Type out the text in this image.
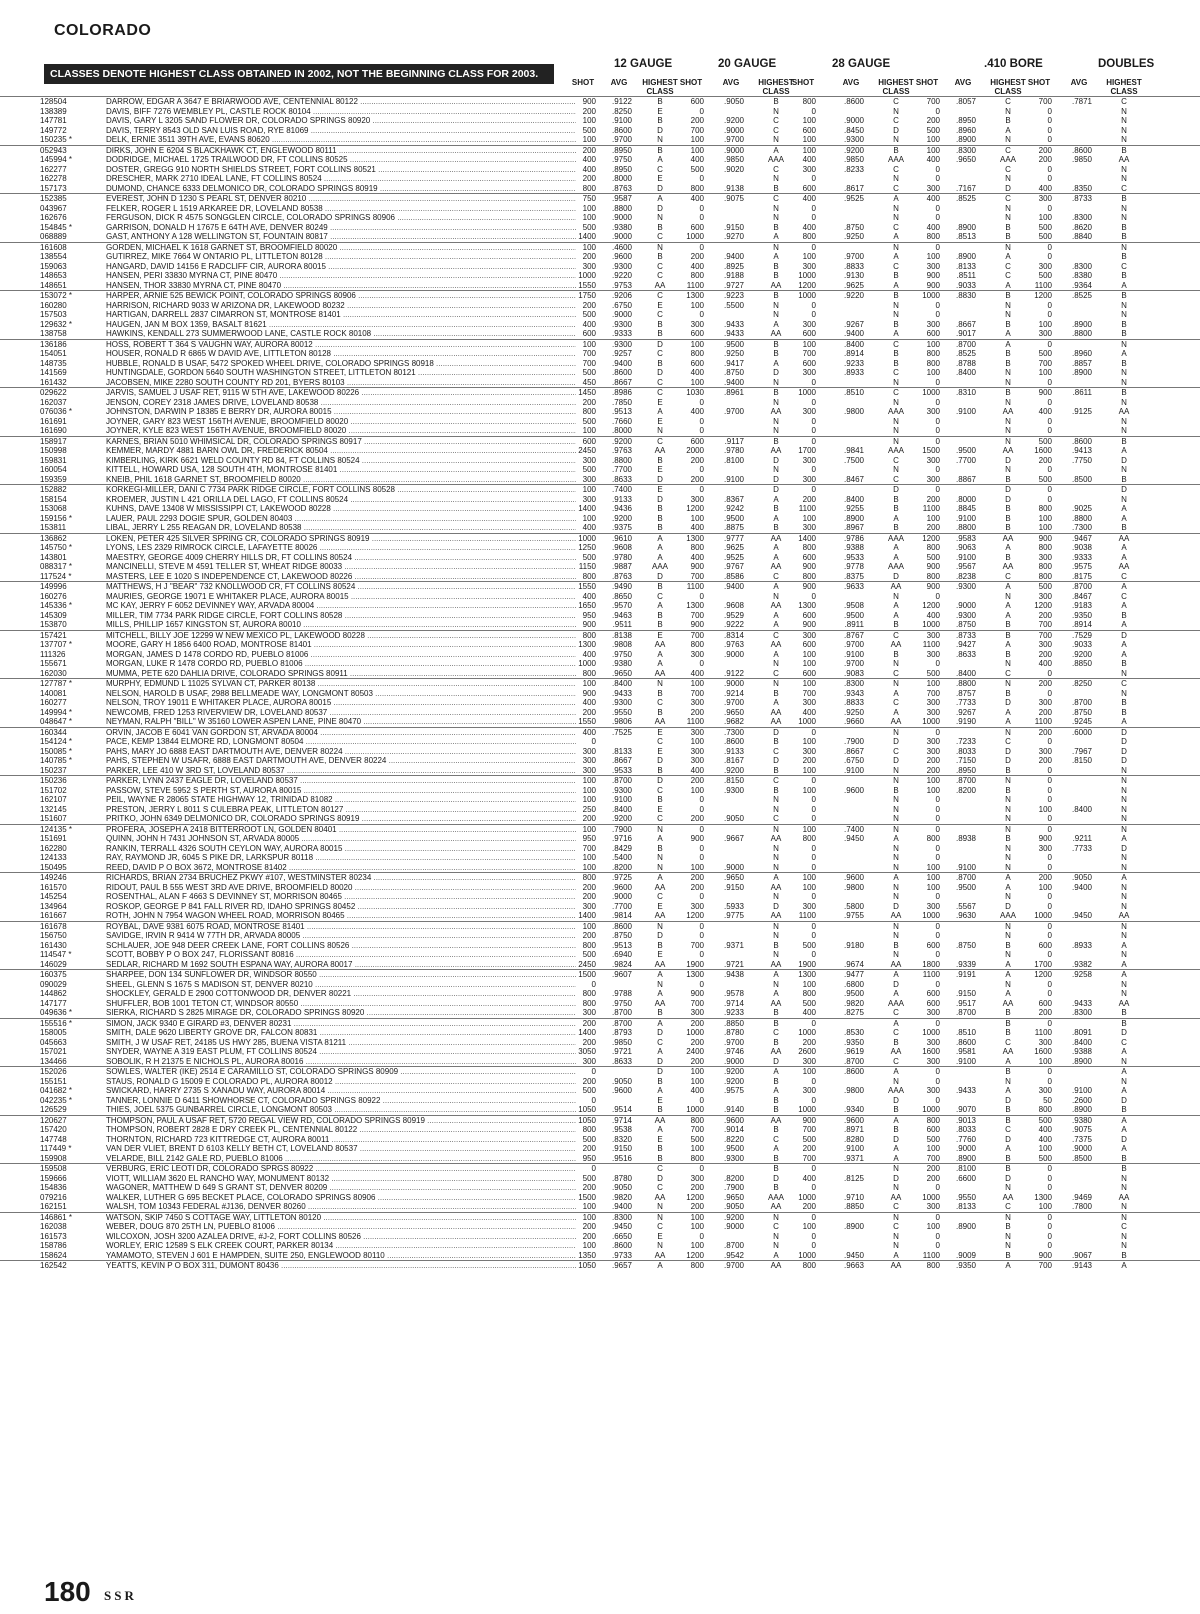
COLORADO
CLASSES DENOTE HIGHEST CLASS OBTAINED IN 2002, NOT THE BEGINNING CLASS FOR 2003.
12 GAUGE	20 GAUGE	28 GAUGE	.410 BORE	DOUBLES
SHOT	AVG	HIGHEST
CLASS
SHOT	AVG	HIGHEST
CLASS
SHOT	AVG	HIGHEST
CLASS
SHOT	AVG	HIGHEST
CLASS
SHOT	AVG	HIGHEST
CLASS
128504	DARROW, EDGAR A 3647 E BRIARWOOD AVE, CENTENNIAL 80122 .....	900	.9122	B	600	.9050	B	800	.8600	C	700	.8057	C	700	.7871	C
138389	DAVIS, BIFF 7276 WEMBLEY PL, CASTLE ROCK 80104 .....	200	.8250	E	0	N	0	N	0	N	0	N
147781	DAVIS, GARY L 3205 SAND FLOWER DR, COLORADO SPRINGS 80920 .....	100	.9100	B	200	.9200	C	100	.9000	C	200	.8950	B	0	N
149772	DAVIS, TERRY 8543 OLD SAN LUIS ROAD, RYE 81069 .....	500	.8600	D	700	.9000	C	600	.8450	D	500	.8960	A	0	N
150235 *	DELK, ERNIE 3511 39TH AVE, EVANS 80620 .....	100	.9700	N	100	.9700	N	100	.9300	N	100	.8900	N	0	N
052943	DIRKS, JOHN E 6204 S BLACKHAWK CT, ENGLEWOOD 80111 .....	200	.8950	B	100	.9000	A	100	.9200	B	100	.8300	C	200	.8600	B
145994 *	DODRIDGE, MICHAEL 1725 TRAILWOOD DR, FT COLLINS 80525 .....	400	.9750	A	400	.9850	AAA	400	.9850	AAA	400	.9650	AAA	200	.9850	AA
162277	DOSTER, GREGG 910 NORTH SHIELDS STREET, FORT COLLINS 80521 .....	400	.8950	C	500	.9020	C	300	.8233	C	0	C	0	N
162278	DRESCHER, MARK 2710 IDEAL LANE, FT COLLINS 80524 .....	200	.8000	E	0	N	0	N	0	N	0	N
157173	DUMOND, CHANCE 6333 DELMONICO DR, COLORADO SPRINGS 80919 .....	800	.8763	D	800	.9138	B	600	.8617	C	300	.7167	D	400	.8350	C
152385	EVEREST, JOHN D 1230 S PEARL ST, DENVER 80210 .....	750	.9587	A	400	.9075	C	400	.9525	A	400	.8525	C	300	.8733	B
043967	FELKER, ROGER L 1519 ARKAREE DR, LOVELAND 80538 .....	100	.8800	D	0	N	0	N	0	N	0	N
162676	FERGUSON, DICK R 4575 SONGGLEN CIRCLE, COLORADO SPRINGS 80906 .....	100	.9000	N	0	N	0	N	0	N	100	.8300	N
154845 *	GARRISON, DONALD H 17675 E 64TH AVE, DENVER 80249 .....	500	.9380	B	600	.9150	B	400	.8750	C	400	.8900	B	500	.8620	B
068889	GAST, ANTHONY A 128 WELLINGTON ST, FOUNTAIN 80817 .....	1400	.9000	C	1000	.9270	A	800	.9250	A	800	.8513	B	500	.8840	B
161608	GORDEN, MICHAEL K 1618 GARNET ST, BROOMFIELD 80020 .....	100	.4600	N	0	N	0	N	0	N	0	N
138554	GUTIRREZ, MIKE 7664 W ONTARIO PL, LITTLETON 80128 .....	200	.9600	B	200	.9400	A	100	.9700	A	100	.8900	A	0	B
159063	HANGARD, DAVID 14156 E RADCLIFF CIR, AURORA 80015 .....	300	.9300	C	400	.8925	B	300	.8833	C	300	.8133	C	300	.8300	C
148653	HANSEN, PERI 33830 MYRNA CT, PINE 80470 .....	1000	.9220	C	800	.9188	B	1000	.9130	B	900	.8511	C	500	.8380	B
148651	HANSEN, THOR 33830 MYRNA CT, PINE 80470 .....	1550	.9753	AA	1100	.9727	AA	1200	.9625	A	900	.9033	A	1100	.9364	A
153072 *	HARPER, ARNIE 525 BEWICK POINT, COLORADO SPRINGS 80906 .....	1750	.9206	C	1300	.9223	B	1000	.9220	B	1000	.8830	B	1200	.8525	B
160280	HARRISON, RICHARD 9033 W ARIZONA DR, LAKEWOOD 80232 .....	200	.6750	E	100	.5500	N	0	N	0	N	0	N
157503	HARTIGAN, DARRELL 2837 CIMARRON ST, MONTROSE 81401 .....	500	.9000	C	0	N	0	N	0	N	0	N
129632 *	HAUGEN, JAN M BOX 1359, BASALT 81621 .....	400	.9300	B	300	.9433	A	300	.9267	B	300	.8667	B	100	.8900	B
138758	HAWKINS, KENDALL 273 SUMMERWOOD LANE, CASTLE ROCK 80108 .....	600	.9333	B	600	.9433	AA	600	.9400	A	600	.9017	A	300	.8800	B
136186	HOSS, ROBERT T 364 S VAUGHN WAY, AURORA 80012 .....	100	.9300	D	100	.9500	B	100	.8400	C	100	.8700	A	0	N
154051	HOUSER, RONALD R 6865 W DAVID AVE, LITTLETON 80128 .....	700	.9257	C	800	.9250	B	700	.8914	B	800	.8525	B	500	.8960	A
148735	HUBBLE, RONALD B USAF, 5472 SPOKED WHEEL DRIVE, COLORADO SPRINGS 80918 .....	700	.9400	B	600	.9417	A	600	.9233	B	800	.8788	B	700	.8857	B
141569	HUNTINGDALE, GORDON 5640 SOUTH WASHINGTON STREET, LITTLETON 80121 .....	500	.8600	D	400	.8750	D	300	.8933	C	100	.8400	N	100	.8900	N
161432	JACOBSEN, MIKE 2280 SOUTH COUNTY RD 201, BYERS 80103 .....	450	.8667	C	100	.9400	N	0	N	0	N	0	N
029622	JARVIS, SAMUEL J USAF RET, 9115 W 5TH AVE, LAKEWOOD 80226 .....	1450	.8986	C	1030	.8961	B	1000	.8510	C	1000	.8310	B	900	.8611	B
162037	JENSON, COREY 2318 JAMES DRIVE, LOVELAND 80538 .....	200	.7850	E	0	N	0	N	0	N	0	N
076036 *	JOHNSTON, DARWIN P 18385 E BERRY DR, AURORA 80015 .....	800	.9513	A	400	.9700	AA	300	.9800	AAA	300	.9100	AA	400	.9125	AA
161691	JOYNER, GARY 823 WEST 156TH AVENUE, BROOMFIELD 80020 .....	500	.7660	E	0	N	0	N	0	N	0	N
161690	JOYNER, KYLE 823 WEST 156TH AVENUE, BROOMFIELD 80020 .....	100	.8000	N	0	N	0	N	0	N	0	N
158917	KARNES, BRIAN 5010 WHIMSICAL DR, COLORADO SPRINGS 80917 .....	600	.9200	C	600	.9117	B	0	N	0	N	500	.8600	B
150998	KEMMER, MARDY 4881 BARN OWL DR, FREDERICK 80504 .....	2450	.9763	AA	2000	.9780	AA	1700	.9841	AAA	1500	.9500	AA	1600	.9413	A
159831	KIMBERLING, KIRK 6621 WELD COUNTY RD 84, FT COLLINS 80524 .....	300	.8800	B	200	.8100	D	300	.7500	C	300	.7700	D	200	.7750	D
160054	KITTELL, HOWARD USA, 128 SOUTH 4TH, MONTROSE 81401 .....	500	.7700	E	0	N	0	N	0	N	0	N
159359	KNEIB, PHIL 1618 GARNET ST, BROOMFIELD 80020 .....	300	.8633	D	200	.9100	D	300	.8467	C	300	.8867	B	500	.8500	B
152882	KORKEGI-MILLER, DANI C 7734 PARK RIDGE CIRCLE, FORT COLLINS 80528 .....	100	.7400	E	0	D	0	D	0	D	0	D
158154	KROEMER, JUSTIN L 421 ORILLA DEL LAGO, FT COLLINS 80524 .....	300	.9133	D	300	.8367	A	200	.8400	B	200	.8000	D	0	N
153068	KUHNS, DAVE 13408 W MISSISSIPPI CT, LAKEWOOD 80228 .....	1400	.9436	B	1200	.9242	B	1100	.9255	B	1100	.8845	B	800	.9025	A
159156 *	LAUER, PAUL 2293 DOGIE SPUR, GOLDEN 80403 .....	100	.9200	B	100	.9500	A	100	.8900	A	100	.9100	B	100	.8800	A
153811	LIBAL, JERRY L 255 REAGAN DR, LOVELAND 80538 .....	400	.9375	B	400	.8875	B	300	.8967	B	200	.8800	B	100	.7300	B
136862	LOKEN, PETER 425 SILVER SPRING CR, COLORADO SPRINGS 80919 .....	1000	.9610	A	1300	.9777	AA	1400	.9786	AAA	1200	.9583	AA	900	.9467	AA
145750 *	LYONS, LES 2329 RIMROCK CIRCLE, LAFAYETTE 80026 .....	1250	.9608	A	800	.9625	A	800	.9388	A	800	.9063	A	800	.9038	A
143801	MAESTRY, GEORGE 4009 CHERRY HILLS DR, FT COLLINS 80524 .....	500	.9780	A	400	.9525	A	600	.9533	A	500	.9100	B	300	.9333	A
088317 *	MANCINELLI, STEVE M 4591 TELLER ST, WHEAT RIDGE 80033 .....	1150	.9887 AAA	900	.9767	AA	900	.9778	AAA	900	.9567	AA	800	.9575	AA
117524 *	MASTERS, LEE E 1020 S INDEPENDENCE CT, LAKEWOOD 80226 .....	800	.8763	D	700	.8586	C	800	.8375	D	800	.8238	C	800	.8175	C
149996	MATTHEWS, H J "BEAR" 732 KNOLLWOOD CR, FT COLLINS 80524 .....	1550	.9490	B	1100	.9400	A	900	.9633	AA	900	.9300	A	500	.8700	A
160276	MAURIES, GEORGE 19071 E WHITAKER PLACE, AURORA 80015 .....	400	.8650	C	0	N	0	N	0	N	300	.8467	C
145336 *	MC KAY, JERRY F 6052 DEVINNEY WAY, ARVADA 80004 .....	1650	.9570	A	1300	.9608	AA	1300	.9508	A	1200	.9000	A	1200	.9183	A
145309	MILLER, TIM 7734 PARK RIDGE CIRCLE, FORT COLLINS 80528 .....	950	.9463	B	700	.9529	A	600	.9500	A	400	.9300	A	200	.9350	B
153870	MILLS, PHILLIP 1657 KINGSTON ST, AURORA 80010 .....	900	.9511	B	900	.9222	A	900	.8911	B	1000	.8750	B	700	.8914	A
157421	MITCHELL, BILLY JOE 12299 W NEW MEXICO PL, LAKEWOOD 80228 .....	800	.8138	E	700	.8314	C	300	.8767	C	300	.8733	B	700	.7529	D
137707 *	MOORE, GARY H 1856 6400 ROAD, MONTROSE 81401 .....	1300	.9808	AA	800	.9763	AA	600	.9700	AA	1100	.9427	A	300	.9033	A
111326	MORGAN, JAMES D 1478 CORDO RD, PUEBLO 81006 .....	400	.9750	A	300	.9000	A	100	.9100	B	300	.8633	B	200	.9200	A
155671	MORGAN, LUKE R 1478 CORDO RD, PUEBLO 81006 .....	1000	.9380	A	0	N	100	.9700	N	0	N	400	.8850	B
162030	MUMMA, PETE 620 DAHLIA DRIVE, COLORADO SPRINGS 80911 .....	800	.9650	AA	400	.9122	C	600	.9083	C	500	.8400	C	0	N
127787 *	MURPHY, EDMUND L 11025 SYLVAN CT, PARKER 80138 .....	100	.8400	N	100	.9000	N	100	.8300	N	100	.8800	N	200	.8250	C
140081	NELSON, HAROLD B USAF, 2988 BELLMEADE WAY, LONGMONT 80503 .....	900	.9433	B	700	.9214	B	700	.9343	A	700	.8757	B	0	N
160277	NELSON, TROY 19011 E WHITAKER PLACE, AURORA 80015 .....	400	.9300	C	300	.9700	A	300	.8833	C	300	.7733	D	300	.8700	B
149994 *	NEWCOMB, FRED 1253 RIVERVIEW DR, LOVELAND 80537 .....	200	.9550	B	200	.9650	AA	400	.9250	A	300	.9267	A	200	.8750	B
048647 *	NEYMAN, RALPH "BILL" W 35160 LOWER ASPEN LANE, PINE 80470 .....	1550	.9806	AA	1100	.9682	AA	1000	.9660	AA	1000	.9190	A	1100	.9245	A
160344	ORVIN, JACOB E 6041 VAN GORDON ST, ARVADA 80004 .....	400	.7525	E	300	.7300	D	0	N	0	N	200	.6000	D
154124 *	PACE, KEMP 13844 ELMORE RD, LONGMONT 80504 .....	0	C	100	.8600	B	100	.7900	D	300	.7233	C	0	D
150085 *	PAHS, MARY JO 6888 EAST DARTMOUTH AVE, DENVER 80224 .....	300	.8133	E	300	.9133	C	300	.8667	C	300	.8033	D	300	.7967	D
140785 *	PAHS, STEPHEN W USAFR, 6888 EAST DARTMOUTH AVE, DENVER 80224 .....	300	.8667	D	300	.8167	D	200	.6750	D	200	.7150	D	200	.8150	D
150237	PARKER, LEE 410 W 3RD ST, LOVELAND 80537 .....	300	.9533	B	400	.9200	B	100	.9100	N	200	.8950	B	0	N
150236	PARKER, LYNN 2437 EAGLE DR, LOVELAND 80537 .....	100	.8700	D	200	.8150	C	0	N	100	.8700	N	0	N
151702	PASSOW, STEVE 5952 S PERTH ST, AURORA 80015 .....	100	.9300	C	100	.9300	B	100	.9600	B	100	.8200	B	0	N
162107	PEIL, WAYNE R 28065 STATE HIGHWAY 12, TRINIDAD 81082 .....	100	.9100	B	0	N	0	N	0	N	0	N
132145	PRESTON, JERRY L 8011 S CULEBRA PEAK, LITTLETON 80127 .....	250	.8400	E	0	N	0	N	0	N	100	.8400	N
151607	PRITKO, JOHN 6349 DELMONICO DR, COLORADO SPRINGS 80919 .....	200	.9200	C	200	.9050	C	0	N	0	N	0	N
124135 *	PROFERA, JOSEPH A 2418 BITTERROOT LN, GOLDEN 80401 .....	100	.7900	N	0	N	100	.7400	N	0	N	0	N
151691	QUINN, JOHN H 7431 JOHNSON ST, ARVADA 80005 .....	950	.9716	A	900	.9667	AA	800	.9450	A	800	.8938	B	900	.9211	A
162280	RANKIN, TERRALL 4326 SOUTH CEYLON WAY, AURORA 80015 .....	700	.8429	B	0	N	0	N	0	N	300	.7733	D
124133	RAY, RAYMOND JR, 6045 S PIKE DR, LARKSPUR 80118 .....	100	.5400	N	0	N	0	N	0	N	0	N
150495	REED, DAVID P O BOX 3672, MONTROSE 81402 .....	100	.8200	N	100	.9000	N	0	N	100	.9100	N	0	N
149246	RICHARDS, BRIAN 2734 BRUCHEZ PKWY #107, WESTMINSTER 80234 .....	800	.9725	A	200	.9650	A	100	.9600	A	100	.8700	A	200	.9050	A
161570	RIDOUT, PAUL B 555 WEST 3RD AVE DRIVE, BROOMFIELD 80020 .....	200	.9600	AA	200	.9150	AA	100	.9800	N	100	.9500	A	100	.9400	N
145254	ROSENTHAL, ALAN F 4663 S DEVINNEY ST, MORRISON 80465 .....	200	.9000	C	0	N	0	N	0	N	0	N
134964	ROSKOP, GEORGE P 841 FALL RIVER RD, IDAHO SPRINGS 80452 .....	300	.7700	E	300	.5933	D	300	.5800	D	300	.5567	D	0	N
161667	ROTH, JOHN N 7954 WAGON WHEEL ROAD, MORRISON 80465 .....	1400	.9814	AA	1200	.9775	AA	1100	.9755	AA	1000	.9630	AAA	1000	.9450	AA
161678	ROYBAL, DAVE 9381 6075 ROAD, MONTROSE 81401 .....	100	.8600	N	0	N	0	N	0	N	0	N
156750	SAVIDGE, IRVIN R 9414 W 77TH DR, ARVADA 80005 .....	200	.8750	D	0	N	0	N	0	N	0	N
161430	SCHLAUER, JOE 948 DEER CREEK LANE, FORT COLLINS 80526 .....	800	.9513	B	700	.9371	B	500	.9180	B	600	.8750	B	600	.8933	A
114547 *	SCOTT, BOBBY P O BOX 247, FLORISSANT 80816 .....	500	.6940	E	0	N	0	N	0	N	0	N
146029	SEDLAR, RICHARD M 1692 SOUTH ESPANA WAY, AURORA 80017 .....	2450	.9824	AA	1900	.9721	AA	1900	.9674	AA	1800	.9339	A	1700	.9382	A
160375	SHARPEE, DON 134 SUNFLOWER DR, WINDSOR 80550 .....	1500	.9607	A	1300	.9438	A	1300	.9477	A	1100	.9191	A	1200	.9258	A
090029	SHEEL, GLENN S 1675 S MADISON ST, DENVER 80210 .....	0	N	0	N	100	.6800	D	0	N	0	N
144862	SHOCKLEY, GERALD E 2900 COTTONWOOD DR, DENVER 80221 .....	800	.9788	A	900	.9578	A	800	.9500	A	600	.9150	A	0	N
147177	SHUFFLER, BOB 1001 TETON CT, WINDSOR 80550 .....	800	.9750	AA	700	.9714	AA	500	.9820	AAA	600	.9517	AA	600	.9433	AA
049636 *	SIERKA, RICHARD S 2825 MIRAGE DR, COLORADO SPRINGS 80920 .....	300	.8700	B	300	.9233	B	400	.8275	C	300	.8700	B	200	.8300	B
155516 *	SIMON, JACK 9340 E GIRARD #3, DENVER 80231 .....	200	.8700	A	200	.8850	B	0	A	0	B	0	B
158005	SMITH, DALE 9620 LIBERTY GROVE DR, FALCON 80831 .....	1400	.8793	D	1000	.8780	C	1000	.8530	C	1000	.8510	B	1100	.8091	D
045663	SMITH, J W USAF RET, 24185 US HWY 285, BUENA VISTA 81211 .....	200	.9850	C	200	.9700	B	200	.9350	B	300	.8600	C	300	.8400	C
157021	SNYDER, WAYNE A 319 EAST PLUM, FT COLLINS 80524 .....	3050	.9721	A	2400	.9746	AA	2600	.9619	AA	1600	.9581	AA	1600	.9388	A
134466	SOBOLIK, R H 21375 E NICHOLS PL, AURORA 80016 .....	300	.8633	D	200	.9000	D	300	.8700	C	300	.9100	A	100	.8900	N
152026	SOWLES, WALTER (IKE) 2514 E CARAMILLO ST, COLORADO SPRINGS 80909 .....	0	D	100	.9200	A	100	.8600	A	0	B	0	A
155151	STAUS, RONALD G 15009 E COLORADO PL, AURORA 80012 .....	200	.9050	B	100	.9200	B	0	N	0	N	0	N
041682 *	SWICKARD, HARRY 2735 S XANADU WAY, AURORA 80014 .....	500	.9600	A	400	.9575	A	300	.9800	AAA	300	.9433	A	300	.9100	A
042235 *	TANNER, LONNIE D 6411 SHOWHORSE CT, COLORADO SPRINGS 80922 .....	0	E	0	B	0	D	0	D	50	.2600	D
126529	THIES, JOEL 5375 GUNBARREL CIRCLE, LONGMONT 80503 .....	1050	.9514	B	1000	.9140	B	1000	.9340	B	1000	.9070	B	800	.8900	B
120627	THOMPSON, PAUL A USAF RET, 5720 REGAL VIEW RD, COLORADO SPRINGS 80919 .....	1050	.9714	AA	800	.9600	AA	900	.9600	A	800	.9013	B	500	.9380	A
157420	THOMPSON, ROBERT 2828 E DRY CREEK PL, CENTENNIAL 80122 .....	800	.9538	A	700	.9014	B	700	.8971	B	600	.8033	C	400	.9075	A
147748	THORNTON, RICHARD 723 KITTREDGE CT, AURORA 80011 .....	500	.8320	E	500	.8220	C	500	.8280	D	500	.7760	D	400	.7375	D
117449 *	VAN DER VLIET, BRENT D 6103 KELLY BETH CT, LOVELAND 80537 .....	200	.9150	B	100	.9500	A	200	.9100	A	100	.9000	A	100	.9000	A
159908	VELARDE, BILL 2142 GALE RD, PUEBLO 81006 .....	950	.9516	B	800	.9300	B	700	.9371	A	700	.8900	B	500	.8500	B
159508	VERBURG, ERIC LEOTI DR, COLORADO SPRGS 80922 .....	0	C	0	B	0	N	200	.8100	B	0	B
159666	VIOTT, WILLIAM 3620 EL RANCHO WAY, MONUMENT 80132 .....	500	.8780	D	300	.8200	D	400	.8125	D	200	.6600	D	0	N
154836	WAGONER, MATTHEW D 649 S GRANT ST, DENVER 80209 .....	200	.9050	C	200	.7900	B	0	N	0	N	0	N
079216	WALKER, LUTHER G 695 BECKET PLACE, COLORADO SPRINGS 80906 .....	1500	.9820	AA	1200	.9650	AAA	1000	.9710	AA	1000	.9550	AA	1300	.9469	AA
162151	WALSH, TOM 10343 FEDERAL #J136, DENVER 80260 .....	100	.9400	N	200	.9050	AA	200	.8850	C	300	.8133	C	100	.7800	N
146861 *	WATSON, SKIP 7450 S COTTAGE WAY, LITTLETON 80120 .....	100	.8300	N	100	.9200	N	0	N	0	N	0	N
162038	WEBER, DOUG 870 25TH LN, PUEBLO 81006 .....	200	.9450	C	100	.9000	C	100	.8900	C	100	.8900	B	0	C
161573	WILCOXON, JOSH 3200 AZALEA DRIVE, #J-2, FORT COLLINS 80526 .....	200	.6650	E	0	N	0	N	0	N	0	N
158786	WORLEY, ERIC 12589 S ELK CREEK COURT, PARKER 80134 .....	100	.8600	N	100	.8700	N	0	N	0	N	0	N
158624	YAMAMOTO, STEVEN J 601 E HAMPDEN, SUITE 250, ENGLEWOOD 80110 .....	1350	.9733	AA	1200	.9542	A	1000	.9450	A	1100	.9009	B	900	.9067	B
162542	YEATTS, KEVIN P O BOX 311, DUMONT 80436 .....	1050	.9657	A	800	.9700	AA	800	.9663	AA	800	.9350	A	700	.9143	A
180 SSR
